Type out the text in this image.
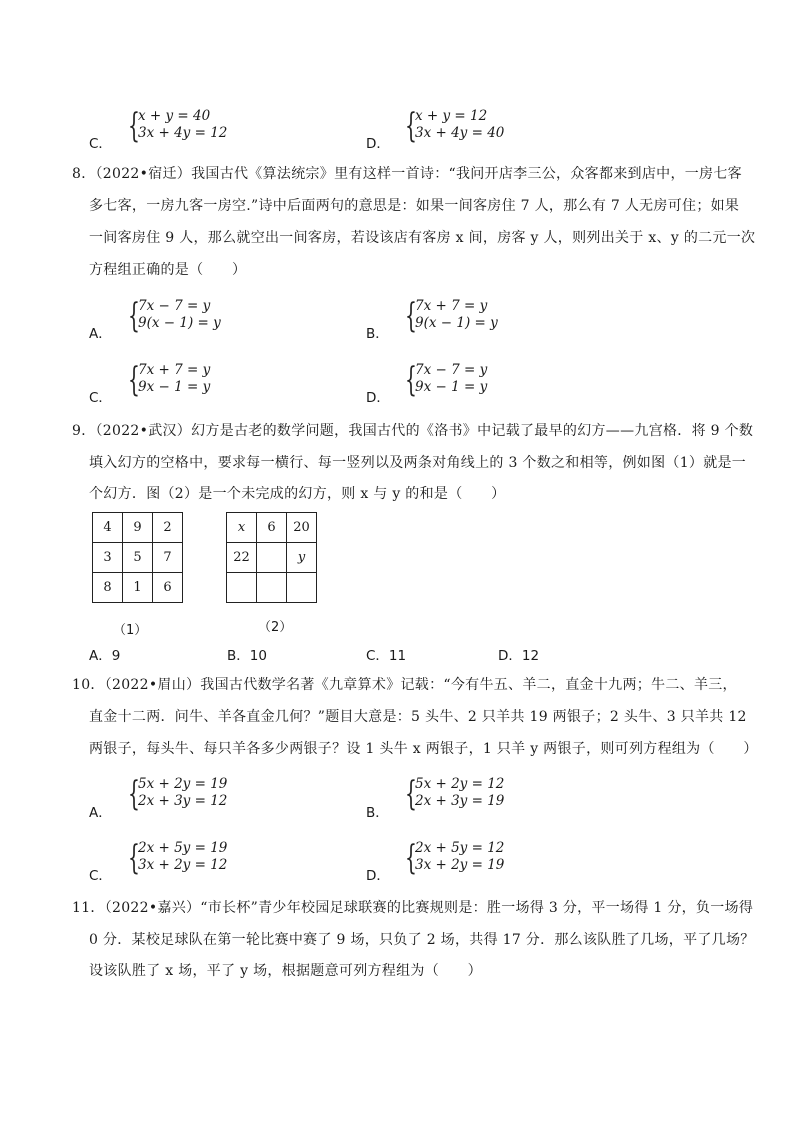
C． {
x + y = 40
3x + 4y = 12
D． {
x + y = 12
3x + 4y = 40
8．（2022•宿迁）我国古代《算法统宗》里有这样一首诗：“我问开店李三公，众客都来到店中，一房七客
多七客，一房九客一房空.”诗中后面两句的意思是：如果一间客房住 7 人，那么有 7 人无房可住；如果
一间客房住 9 人，那么就空出一间客房，若设该店有客房 x 间，房客 y 人，则列出关于 x、y 的二元一次
方程组正确的是（　　）
A． {
7x − 7 = y
9(x − 1) = y
B． {
7x + 7 = y
9(x − 1) = y
C． {
7x + 7 = y
9x − 1 = y
D． {
7x − 7 = y
9x − 1 = y
9．（2022•武汉）幻方是古老的数学问题，我国古代的《洛书》中记载了最早的幻方——九宫格．将 9 个数
填入幻方的空格中，要求每一横行、每一竖列以及两条对角线上的 3 个数之和相等，例如图（1）就是一
个幻方．图（2）是一个未完成的幻方，则 x 与 y 的和是（　　）
4	9	2
3	5	7
8	1	6
（1）
x	6	20
22		y

（2）
A．9	B．10	C．11	D．12
10．（2022•眉山）我国古代数学名著《九章算术》记载：“今有牛五、羊二，直金十九两；牛二、羊三，
直金十二两．问牛、羊各直金几何？”题目大意是：5 头牛、2 只羊共 19 两银子；2 头牛、3 只羊共 12
两银子，每头牛、每只羊各多少两银子？设 1 头牛 x 两银子，1 只羊 y 两银子，则可列方程组为（　　）
A． {
5x + 2y = 19
2x + 3y = 12
B． {
5x + 2y = 12
2x + 3y = 19
C． {
2x + 5y = 19
3x + 2y = 12
D． {
2x + 5y = 12
3x + 2y = 19
11．（2022•嘉兴）“市长杯”青少年校园足球联赛的比赛规则是：胜一场得 3 分，平一场得 1 分，负一场得
0 分．某校足球队在第一轮比赛中赛了 9 场，只负了 2 场，共得 17 分．那么该队胜了几场，平了几场？
设该队胜了 x 场，平了 y 场，根据题意可列方程组为（　　）
